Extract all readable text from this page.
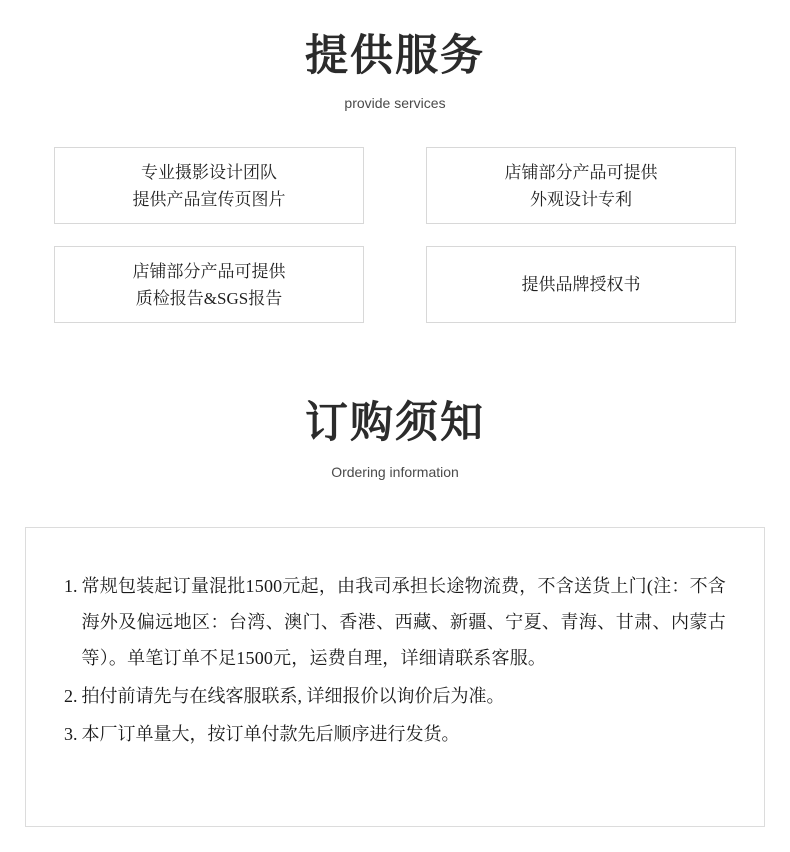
提供服务
provide services
专业摄影设计团队
提供产品宣传页图片
店铺部分产品可提供
外观设计专利
店铺部分产品可提供
质检报告&SGS报告
提供品牌授权书
订购须知
Ordering information
1. 常规包装起订量混批1500元起，由我司承担长途物流费，不含送货上门(注：不含海外及偏远地区：台湾、澳门、香港、西藏、新疆、宁夏、青海、甘肃、内蒙古等）。单笔订单不足1500元，运费自理，详细请联系客服。
2. 拍付前请先与在线客服联系, 详细报价以询价后为准。
3. 本厂订单量大，按订单付款先后顺序进行发货。
